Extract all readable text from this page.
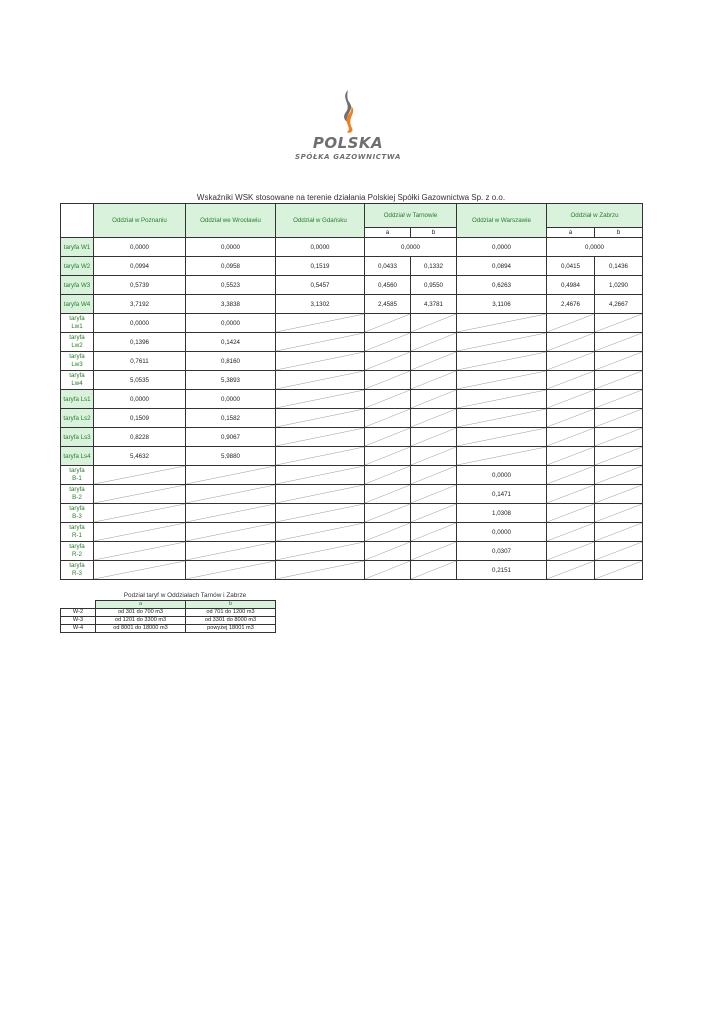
POLSKA
SPÓŁKA GAZOWNICTWA
Wskaźniki WSK stosowane na terenie działania Polskiej Spółki Gazownictwa Sp. z o.o.
	Oddział w Poznaniu	Oddział we Wrocławiu	Oddział w Gdańsku	Oddział w Tarnowie		Oddział w Warszawie	Oddział w Zabrzu	
				a	b		a	b
taryfa W1	0,0000	0,0000	0,0000	0,0000		0,0000	0,0000	
taryfa W2	0,0994	0,0958	0,1519	0,0433	0,1332	0,0894	0,0415	0,1436
taryfa W3	0,5739	0,5523	0,5457	0,4560	0,9550	0,6263	0,4984	1,0290
taryfa W4	3,7192	3,3838	3,1302	2,4585	4,3781	3,1106	2,4676	4,2667
taryfa
Lw1	0,0000	0,0000						
taryfa
Lw2	0,1396	0,1424						
taryfa
Lw3	0,7611	0,8160						
taryfa
Lw4	5,0535	5,3893						
taryfa Ls1	0,0000	0,0000						
taryfa Ls2	0,1509	0,1582						
taryfa Ls3	0,8228	0,9067						
taryfa Ls4	5,4632	5,9880						
taryfa
B-1						0,0000		
taryfa
B-2						0,1471		
taryfa
B-3						1,0308		
taryfa
R-1						0,0000		
taryfa
R-2						0,0307		
taryfa
R-3						0,2151		
Podział taryf w Oddziałach Tarnów i Zabrze
	a	b
W-2	od 301 do 700 m3	od 701 do 1200 m3
W-3	od 1201 do 3300 m3	od 3301 do 8000 m3
W-4	od 8001 do 18000 m3	powyżej 18001 m3
